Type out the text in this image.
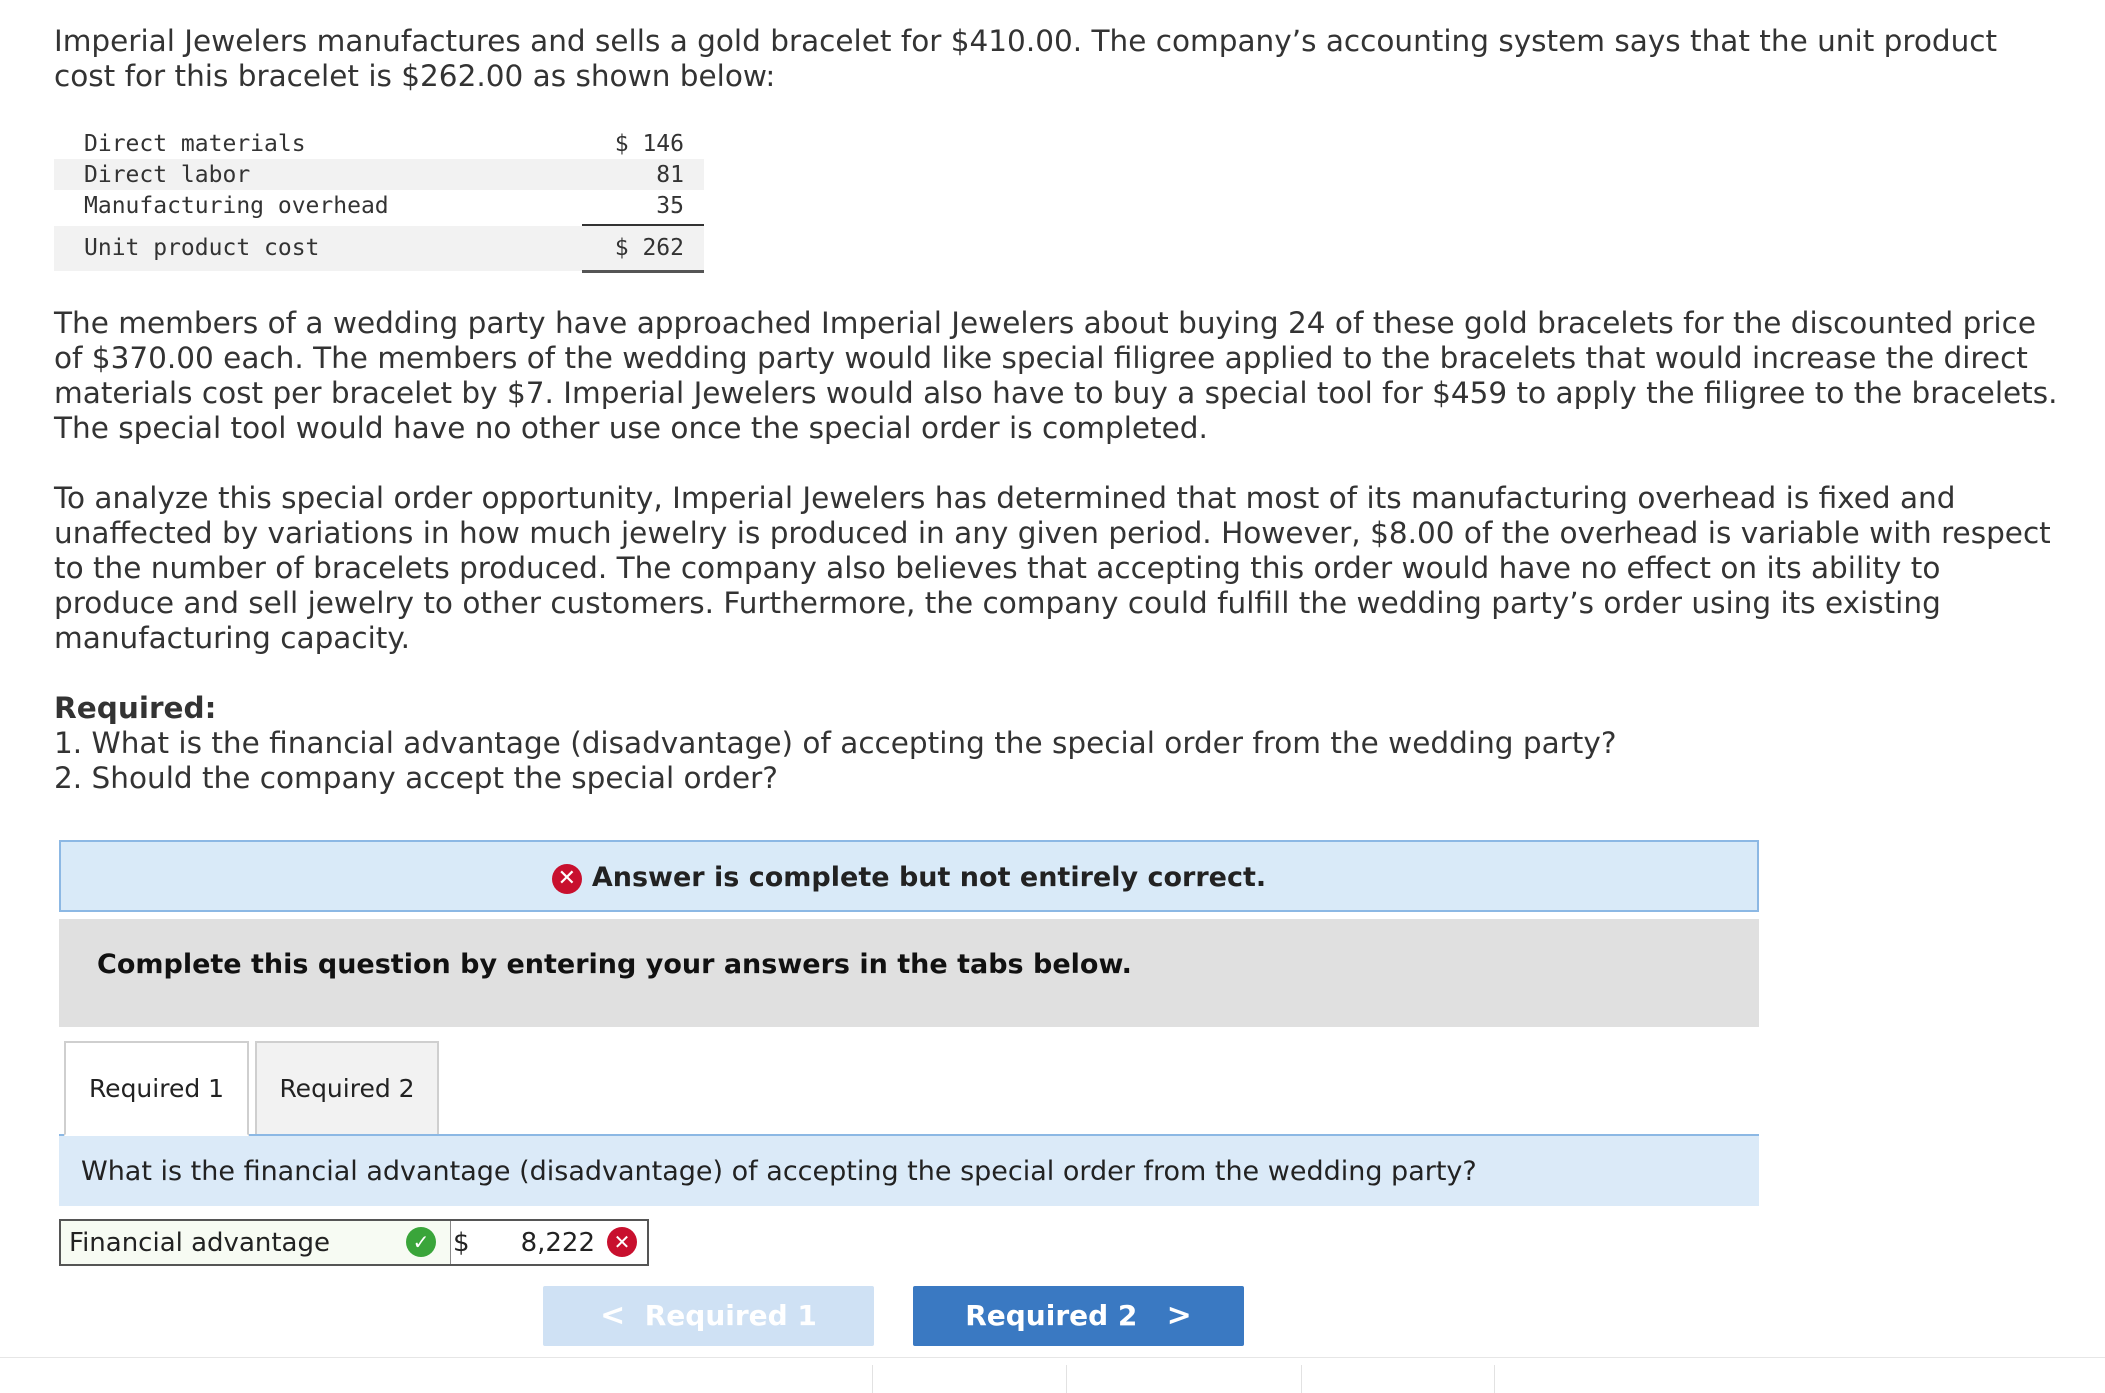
Imperial Jewelers manufactures and sells a gold bracelet for $410.00. The company’s accounting system says that the unit product
cost for this bracelet is $262.00 as shown below:
Direct materials	$ 146
Direct labor	81
Manufacturing overhead	35
Unit product cost	$ 262
The members of a wedding party have approached Imperial Jewelers about buying 24 of these gold bracelets for the discounted price
of $370.00 each. The members of the wedding party would like special filigree applied to the bracelets that would increase the direct
materials cost per bracelet by $7. Imperial Jewelers would also have to buy a special tool for $459 to apply the filigree to the bracelets.
The special tool would have no other use once the special order is completed.
To analyze this special order opportunity, Imperial Jewelers has determined that most of its manufacturing overhead is fixed and
unaffected by variations in how much jewelry is produced in any given period. However, $8.00 of the overhead is variable with respect
to the number of bracelets produced. The company also believes that accepting this order would have no effect on its ability to
produce and sell jewelry to other customers. Furthermore, the company could fulfill the wedding party’s order using its existing
manufacturing capacity.
Required:
1. What is the financial advantage (disadvantage) of accepting the special order from the wedding party?
2. Should the company accept the special order?
✕ Answer is complete but not entirely correct.
Complete this question by entering your answers in the tabs below.
Required 1	Required 2
What is the financial advantage (disadvantage) of accepting the special order from the wedding party?
Financial advantage	✓ $ 8,222 ✕
< Required 1	Required 2 >
